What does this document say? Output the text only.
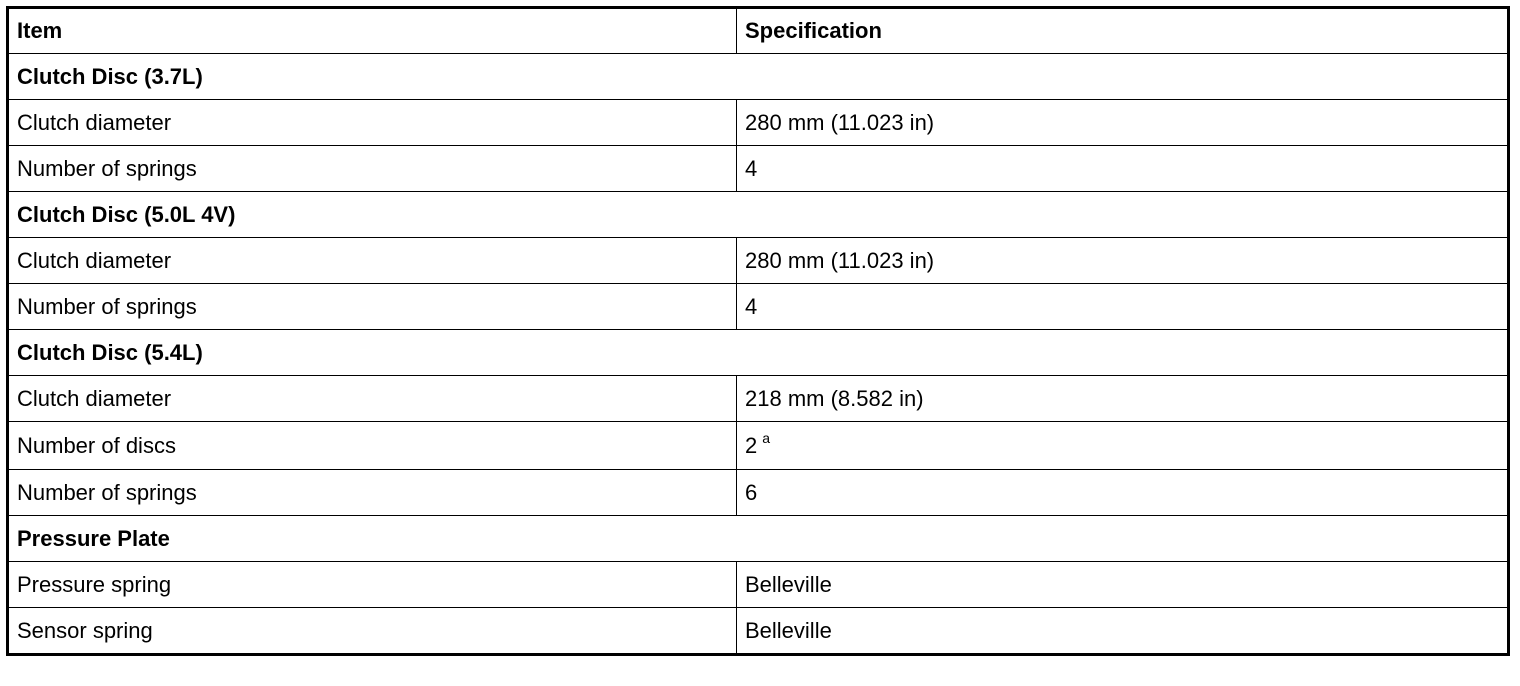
Item	Specification
Clutch Disc (3.7L)	
Clutch diameter	280 mm (11.023 in)
Number of springs	4
Clutch Disc (5.0L 4V)	
Clutch diameter	280 mm (11.023 in)
Number of springs	4
Clutch Disc (5.4L)	
Clutch diameter	218 mm (8.582 in)
Number of discs	2 $^a$
Number of springs	6
Pressure Plate	
Pressure spring	Belleville
Sensor spring	Belleville
